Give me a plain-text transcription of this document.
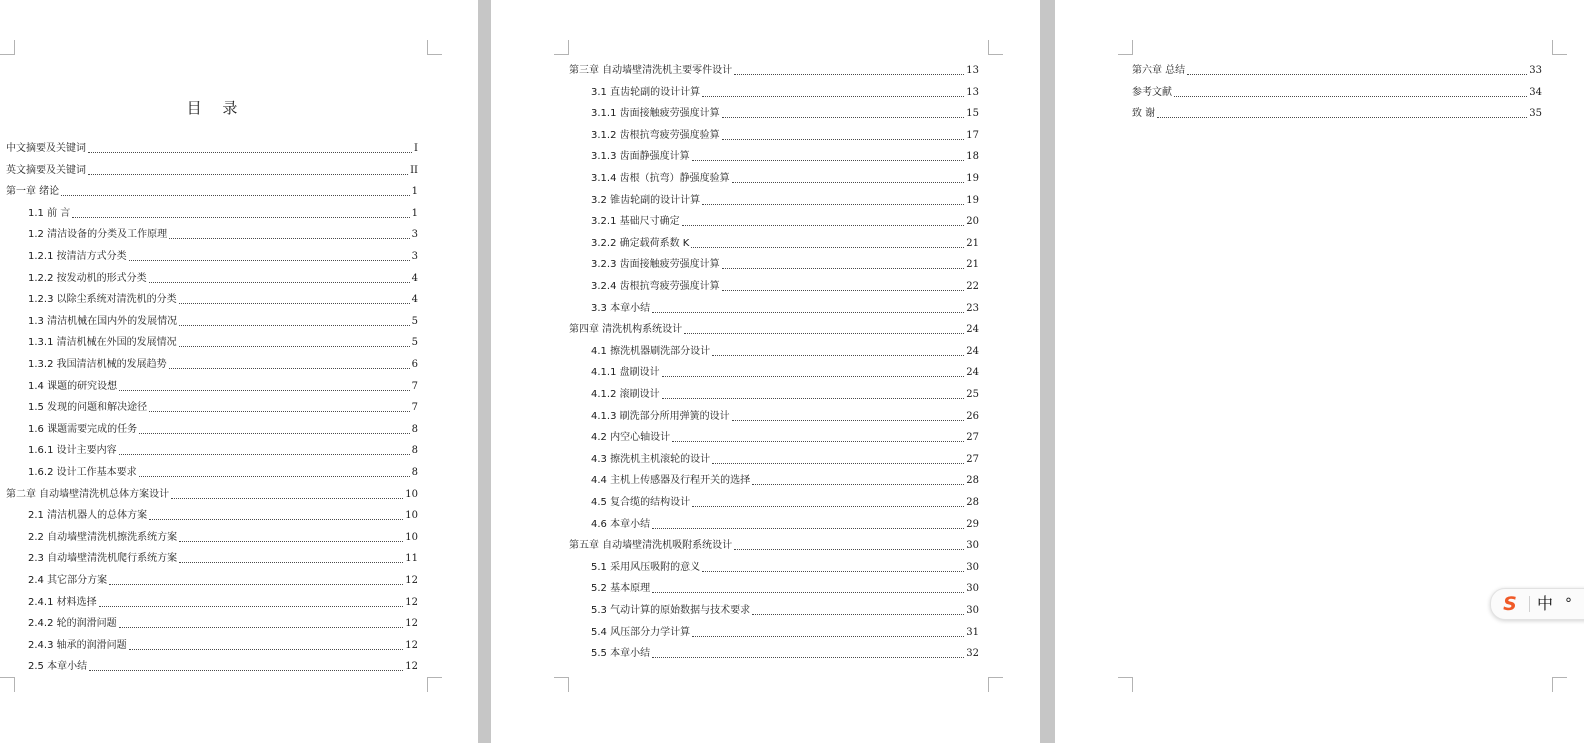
目 录
中文摘要及关键词	I
英文摘要及关键词	II
第一章 绪论	1
1.1 前 言	1
1.2 清洁设备的分类及工作原理	3
1.2.1 按清洁方式分类	3
1.2.2 按发动机的形式分类	4
1.2.3 以除尘系统对清洗机的分类	4
1.3 清洁机械在国内外的发展情况	5
1.3.1 清洁机械在外国的发展情况	5
1.3.2 我国清洁机械的发展趋势	6
1.4 课题的研究设想	7
1.5 发现的问题和解决途径	7
1.6 课题需要完成的任务	8
1.6.1 设计主要内容	8
1.6.2 设计工作基本要求	8
第二章 自动墙壁清洗机总体方案设计	10
2.1 清洁机器人的总体方案	10
2.2 自动墙壁清洗机擦洗系统方案	10
2.3 自动墙壁清洗机爬行系统方案	11
2.4 其它部分方案	12
2.4.1 材料选择	12
2.4.2 轮的润滑问题	12
2.4.3 轴承的润滑问题	12
2.5 本章小结	12
第三章 自动墙壁清洗机主要零件设计	13
3.1 直齿轮副的设计计算	13
3.1.1 齿面接触疲劳强度计算	15
3.1.2 齿根抗弯疲劳强度验算	17
3.1.3 齿面静强度计算	18
3.1.4 齿根（抗弯）静强度验算	19
3.2 锥齿轮副的设计计算	19
3.2.1 基础尺寸确定	20
3.2.2 确定载荷系数 K	21
3.2.3 齿面接触疲劳强度计算	21
3.2.4 齿根抗弯疲劳强度计算	22
3.3 本章小结	23
第四章 清洗机构系统设计	24
4.1 擦洗机器刷洗部分设计	24
4.1.1 盘刷设计	24
4.1.2 滚刷设计	25
4.1.3 刷洗部分所用弹簧的设计	26
4.2 内空心轴设计	27
4.3 擦洗机主机滚轮的设计	27
4.4 主机上传感器及行程开关的选择	28
4.5 复合缆的结构设计	28
4.6 本章小结	29
第五章 自动墙壁清洗机吸附系统设计	30
5.1 采用风压吸附的意义	30
5.2 基本原理	30
5.3 气动计算的原始数据与技术要求	30
5.4 风压部分力学计算	31
5.5 本章小结	32
第六章 总结	33
参考文献	34
致 谢	35
S 中 °
